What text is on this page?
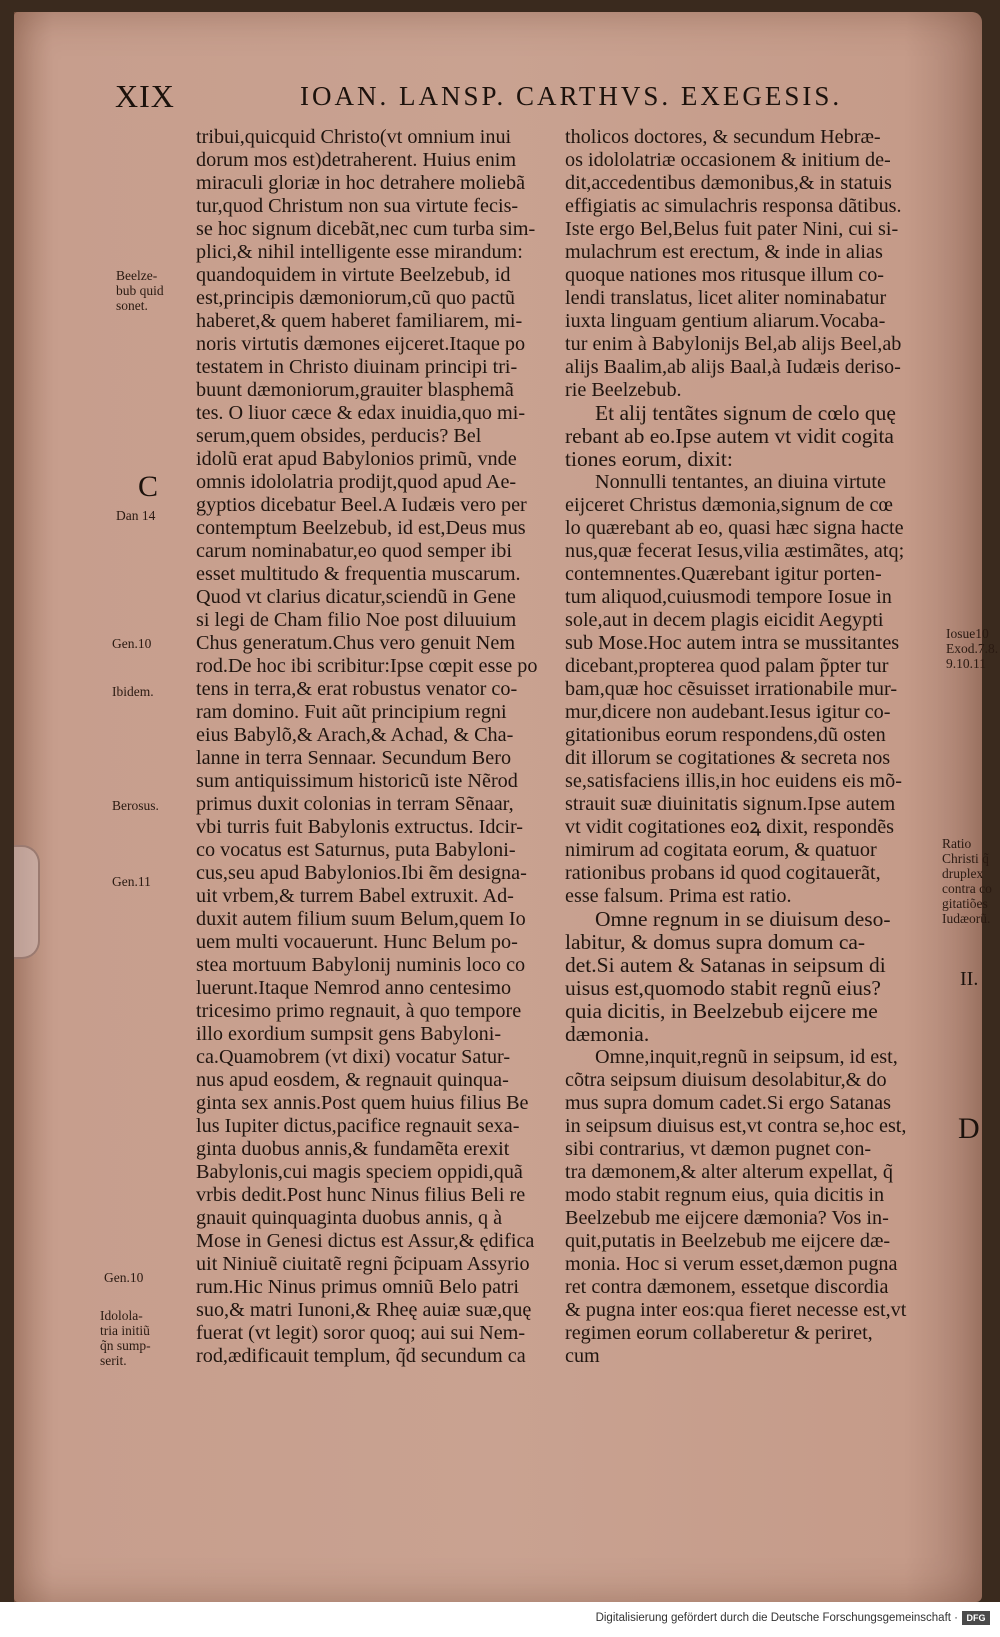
XIX	IOAN. LANSP. CARTHVS. EXEGESIS.
tribui,quicquid Christo(vt omnium inui
dorum mos est)detraherent. Huius enim
miraculi gloriæ in hoc detrahere moliebã
tur,quod Christum non sua virtute fecis-
se hoc signum dicebãt,nec cum turba sim-
plici,& nihil intelligente esse mirandum:
quandoquidem in virtute Beelzebub, id
est,principis dæmoniorum,cũ quo pactũ
haberet,& quem haberet familiarem, mi-
noris virtutis dæmones eijceret.Itaque po
testatem in Christo diuinam principi tri-
buunt dæmoniorum,grauiter blasphemã
tes. O liuor cæce & edax inuidia,quo mi-
serum,quem obsides, perducis? Bel
idolũ erat apud Babylonios primũ, vnde
omnis idololatria prodijt,quod apud Ae-
gyptios dicebatur Beel.A Iudæis vero per
contemptum Beelzebub, id est,Deus mus
carum nominabatur,eo quod semper ibi
esset multitudo & frequentia muscarum.
Quod vt clarius dicatur,sciendũ in Gene
si legi de Cham filio Noe post diluuium
Chus generatum.Chus vero genuit Nem
rod.De hoc ibi scribitur:Ipse cœpit esse po
tens in terra,& erat robustus venator co-
ram domino. Fuit aũt principium regni
eius Babylõ,& Arach,& Achad, & Cha-
lanne in terra Sennaar. Secundum Bero
sum antiquissimum historicũ iste Nẽrod
primus duxit colonias in terram Sẽnaar,
vbi turris fuit Babylonis extructus. Idcir-
co vocatus est Saturnus, puta Babyloni-
cus,seu apud Babylonios.Ibi ẽm designa-
uit vrbem,& turrem Babel extruxit. Ad-
duxit autem filium suum Belum,quem Io
uem multi vocauerunt. Hunc Belum po-
stea mortuum Babylonij numinis loco co
luerunt.Itaque Nemrod anno centesimo
tricesimo primo regnauit, à quo tempore
illo exordium sumpsit gens Babyloni-
ca.Quamobrem (vt dixi) vocatur Satur-
nus apud eosdem, & regnauit quinqua-
ginta sex annis.Post quem huius filius Be
lus Iupiter dictus,pacifice regnauit sexa-
ginta duobus annis,& fundamẽta erexit
Babylonis,cui magis speciem oppidi,quã
vrbis dedit.Post hunc Ninus filius Beli re
gnauit quinquaginta duobus annis, q à
Mose in Genesi dictus est Assur,& ędifica
uit Niniuẽ ciuitatẽ regni p̃cipuam Assyrio
rum.Hic Ninus primus omniũ Belo patri
suo,& matri Iunoni,& Rheę auiæ suæ,quę
fuerat (vt legit) soror quoq; aui sui Nem-
rod,ædificauit templum, q̃d secundum ca
tholicos doctores, & secundum Hebræ-
os idololatriæ occasionem & initium de-
dit,accedentibus dæmonibus,& in statuis
effigiatis ac simulachris responsa dãtibus.
Iste ergo Bel,Belus fuit pater Nini, cui si-
mulachrum est erectum, & inde in alias
quoque nationes mos ritusque illum co-
lendi translatus, licet aliter nominabatur
iuxta linguam gentium aliarum.Vocaba-
tur enim à Babylonijs Bel,ab alijs Beel,ab
alijs Baalim,ab alijs Baal,à Iudæis deriso-
rie Beelzebub.
Et alij tentãtes signum de cœlo quę
rebant ab eo.Ipse autem vt vidit cogita
tiones eorum, dixit:
Nonnulli tentantes, an diuina virtute
eijceret Christus dæmonia,signum de cœ
lo quærebant ab eo, quasi hæc signa hacte
nus,quæ fecerat Iesus,vilia æstimãtes, atq;
contemnentes.Quærebant igitur porten-
tum aliquod,cuiusmodi tempore Iosue in
sole,aut in decem plagis eicidit Aegypti
sub Mose.Hoc autem intra se mussitantes
dicebant,propterea quod palam p̃pter tur
bam,quæ hoc cẽsuisset irrationabile mur-
mur,dicere non audebant.Iesus igitur co-
gitationibus eorum respondens,dũ osten
dit illorum se cogitationes & secreta nos
se,satisfaciens illis,in hoc euidens eis mõ-
strauit suæ diuinitatis signum.Ipse autem
vt vidit cogitationes eoꝝ dixit, respondẽs
nimirum ad cogitata eorum, & quatuor
rationibus probans id quod cogitauerãt,
esse falsum. Prima est ratio.
Omne regnum in se diuisum deso-
labitur, & domus supra domum ca-
det.Si autem & Satanas in seipsum di
uisus est,quomodo stabit regnũ eius?
quia dicitis, in Beelzebub eijcere me
dæmonia.
Omne,inquit,regnũ in seipsum, id est,
cõtra seipsum diuisum desolabitur,& do
mus supra domum cadet.Si ergo Satanas
in seipsum diuisus est,vt contra se,hoc est,
sibi contrarius, vt dæmon pugnet con-
tra dæmonem,& alter alterum expellat, q̃
modo stabit regnum eius, quia dicitis in
Beelzebub me eijcere dæmonia? Vos in-
quit,putatis in Beelzebub me eijcere dæ-
monia. Hoc si verum esset,dæmon pugna
ret contra dæmonem, essetque discordia
& pugna inter eos:qua fieret necesse est,vt
regimen eorum collaberetur & periret,
cum
Beelze-
bub quid
sonet.
C
Dan 14
Gen.10
Ibidem.
Berosus.
Gen.11
Gen.10
Idolola-
tria initiũ
q̃n sump-
serit.
Iosue10
Exod.7.8.
9.10.11
Ratio
Christi q̃
druplex
contra co
gitatiões
Iudæorũ.
II.
D
Digitalisierung gefördert durch die Deutsche Forschungsgemeinschaft · DFG
